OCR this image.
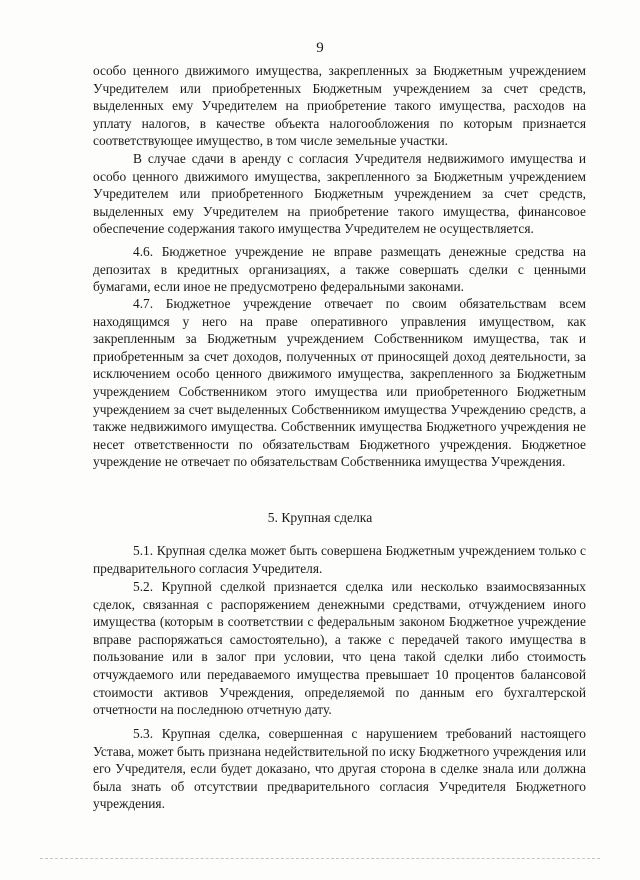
9

особо ценного движимого имущества, закрепленных за Бюджетным учреждением Учредителем или приобретенных Бюджетным учреждением за счет средств, выделенных ему Учредителем на приобретение такого имущества, расходов на уплату налогов, в качестве объекта налогообложения по которым признается соответствующее имущество, в том числе земельные участки.

В случае сдачи в аренду с согласия Учредителя недвижимого имущества и особо ценного движимого имущества, закрепленного за Бюджетным учреждением Учредителем или приобретенного Бюджетным учреждением за счет средств, выделенных ему Учредителем на приобретение такого имущества, финансовое обеспечение содержания такого имущества Учредителем не осуществляется.

4.6. Бюджетное учреждение не вправе размещать денежные средства на депозитах в кредитных организациях, а также совершать сделки с ценными бумагами, если иное не предусмотрено федеральными законами.

4.7. Бюджетное учреждение отвечает по своим обязательствам всем находящимся у него на праве оперативного управления имуществом, как закрепленным за Бюджетным учреждением Собственником имущества, так и приобретенным за счет доходов, полученных от приносящей доход деятельности, за исключением особо ценного движимого имущества, закрепленного за Бюджетным учреждением Собственником этого имущества или приобретенного Бюджетным учреждением за счет выделенных Собственником имущества Учреждению средств, а также недвижимого имущества. Собственник имущества Бюджетного учреждения не несет ответственности по обязательствам Бюджетного учреждения. Бюджетное учреждение не отвечает по обязательствам Собственника имущества Учреждения.

5. Крупная сделка

5.1. Крупная сделка может быть совершена Бюджетным учреждением только с предварительного согласия Учредителя.

5.2. Крупной сделкой признается сделка или несколько взаимосвязанных сделок, связанная с распоряжением денежными средствами, отчуждением иного имущества (которым в соответствии с федеральным законом Бюджетное учреждение вправе распоряжаться самостоятельно), а также с передачей такого имущества в пользование или в залог при условии, что цена такой сделки либо стоимость отчуждаемого или передаваемого имущества превышает 10 процентов балансовой стоимости активов Учреждения, определяемой по данным его бухгалтерской отчетности на последнюю отчетную дату.

5.3. Крупная сделка, совершенная с нарушением требований настоящего Устава, может быть признана недействительной по иску Бюджетного учреждения или его Учредителя, если будет доказано, что другая сторона в сделке знала или должна была знать об отсутствии предварительного согласия Учредителя Бюджетного учреждения.
